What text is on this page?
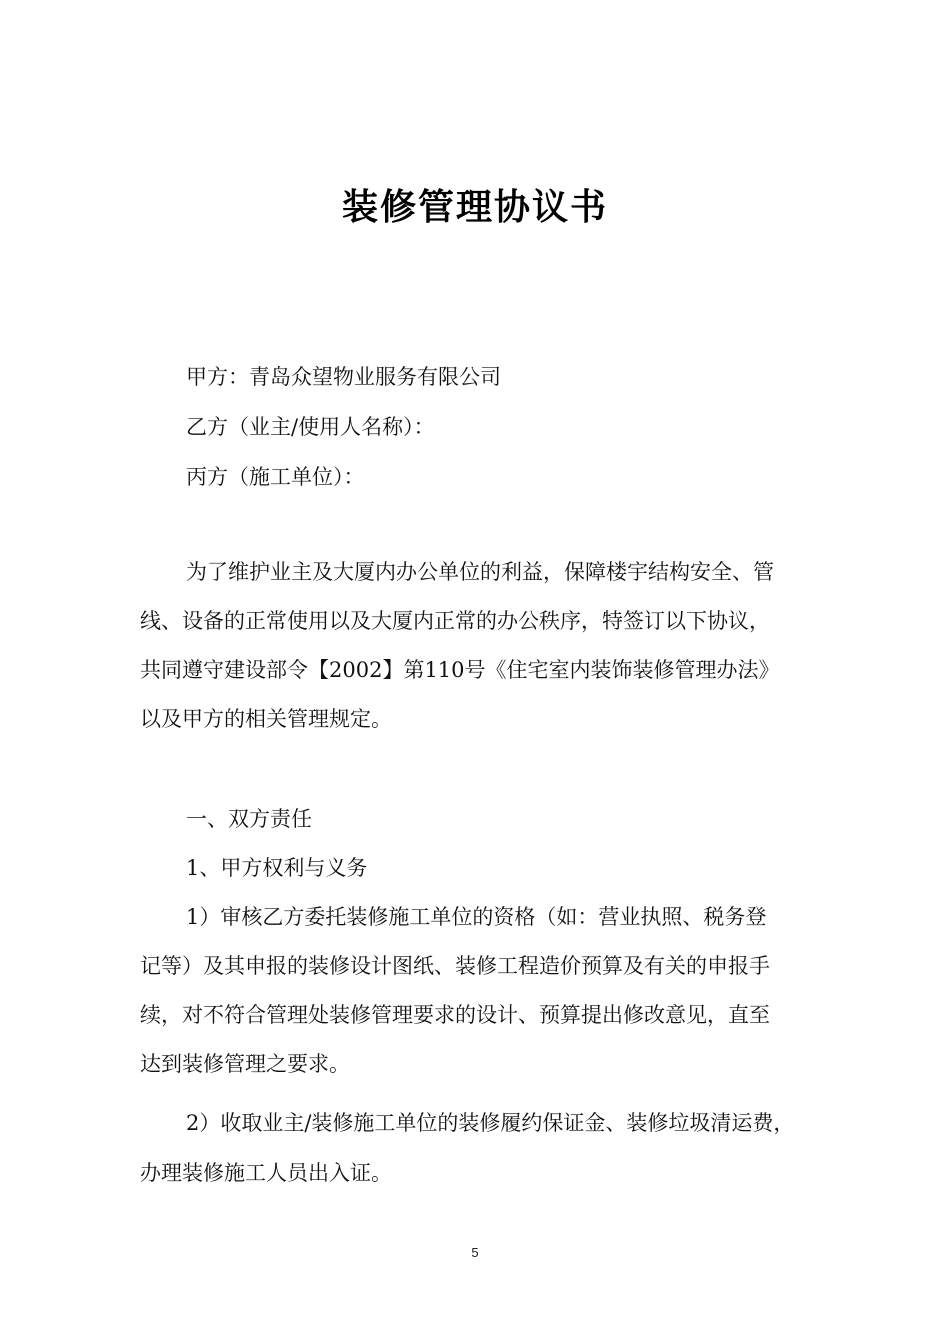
装修管理协议书
甲方：青岛众望物业服务有限公司
乙方（业主/使用人名称）：
丙方（施工单位）：
为了维护业主及大厦内办公单位的利益，保障楼宇结构安全、管
线、设备的正常使用以及大厦内正常的办公秩序，特签订以下协议，
共同遵守建设部令【2002】第110号《住宅室内装饰装修管理办法》
以及甲方的相关管理规定。
一、双方责任
1、甲方权利与义务
1）审核乙方委托装修施工单位的资格（如：营业执照、税务登
记等）及其申报的装修设计图纸、装修工程造价预算及有关的申报手
续，对不符合管理处装修管理要求的设计、预算提出修改意见，直至
达到装修管理之要求。
2）收取业主/装修施工单位的装修履约保证金、装修垃圾清运费，
办理装修施工人员出入证。
5
